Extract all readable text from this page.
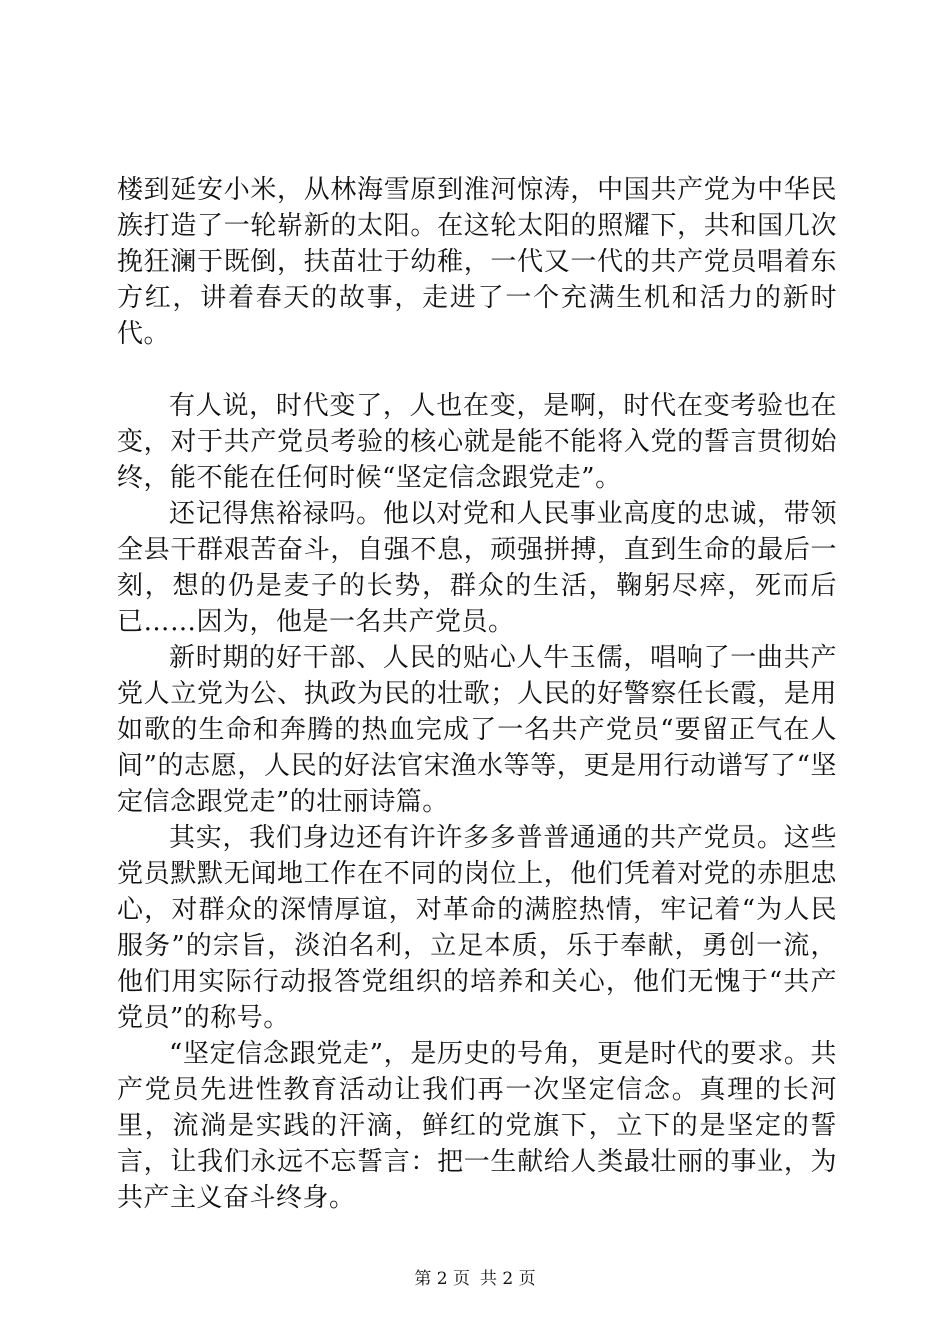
楼到延安小米，从林海雪原到淮河惊涛，中国共产党为中华民族打造了一轮崭新的太阳。在这轮太阳的照耀下，共和国几次挽狂澜于既倒，扶苗壮于幼稚，一代又一代的共产党员唱着东方红，讲着春天的故事，走进了一个充满生机和活力的新时代。

有人说，时代变了，人也在变，是啊，时代在变考验也在变，对于共产党员考验的核心就是能不能将入党的誓言贯彻始终，能不能在任何时候“坚定信念跟党走”。

还记得焦裕禄吗。他以对党和人民事业高度的忠诚，带领全县干群艰苦奋斗，自强不息，顽强拼搏，直到生命的最后一刻，想的仍是麦子的长势，群众的生活，鞠躬尽瘁，死而后已……因为，他是一名共产党员。

新时期的好干部、人民的贴心人牛玉儒，唱响了一曲共产党人立党为公、执政为民的壮歌；人民的好警察任长霞，是用如歌的生命和奔腾的热血完成了一名共产党员“要留正气在人间”的志愿，人民的好法官宋渔水等等，更是用行动谱写了“坚定信念跟党走”的壮丽诗篇。

其实，我们身边还有许许多多普普通通的共产党员。这些党员默默无闻地工作在不同的岗位上，他们凭着对党的赤胆忠心，对群众的深情厚谊，对革命的满腔热情，牢记着“为人民服务”的宗旨，淡泊名利，立足本质，乐于奉献，勇创一流，他们用实际行动报答党组织的培养和关心，他们无愧于“共产党员”的称号。

“坚定信念跟党走”，是历史的号角，更是时代的要求。共产党员先进性教育活动让我们再一次坚定信念。真理的长河里，流淌是实践的汗滴，鲜红的党旗下，立下的是坚定的誓言，让我们永远不忘誓言：把一生献给人类最壮丽的事业，为共产主义奋斗终身。

第 2 页 共 2 页
